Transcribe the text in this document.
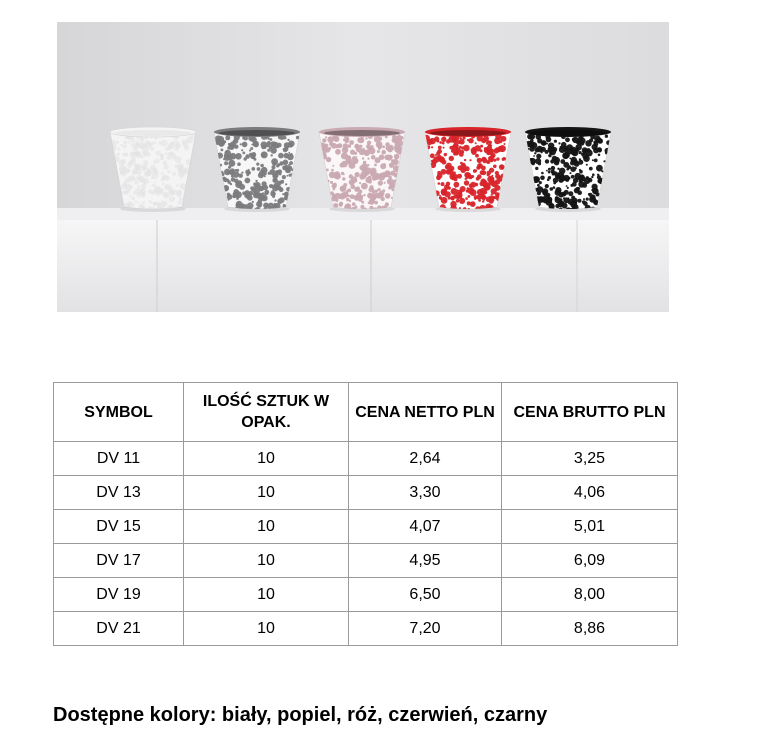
SYMBOL	ILOŚĆ SZTUK W OPAK.	CENA NETTO PLN	CENA BRUTTO PLN
DV 11	10	2,64	3,25
DV 13	10	3,30	4,06
DV 15	10	4,07	5,01
DV 17	10	4,95	6,09
DV 19	10	6,50	8,00
DV 21	10	7,20	8,86

Dostępne kolory: biały, popiel, róż, czerwień, czarny
